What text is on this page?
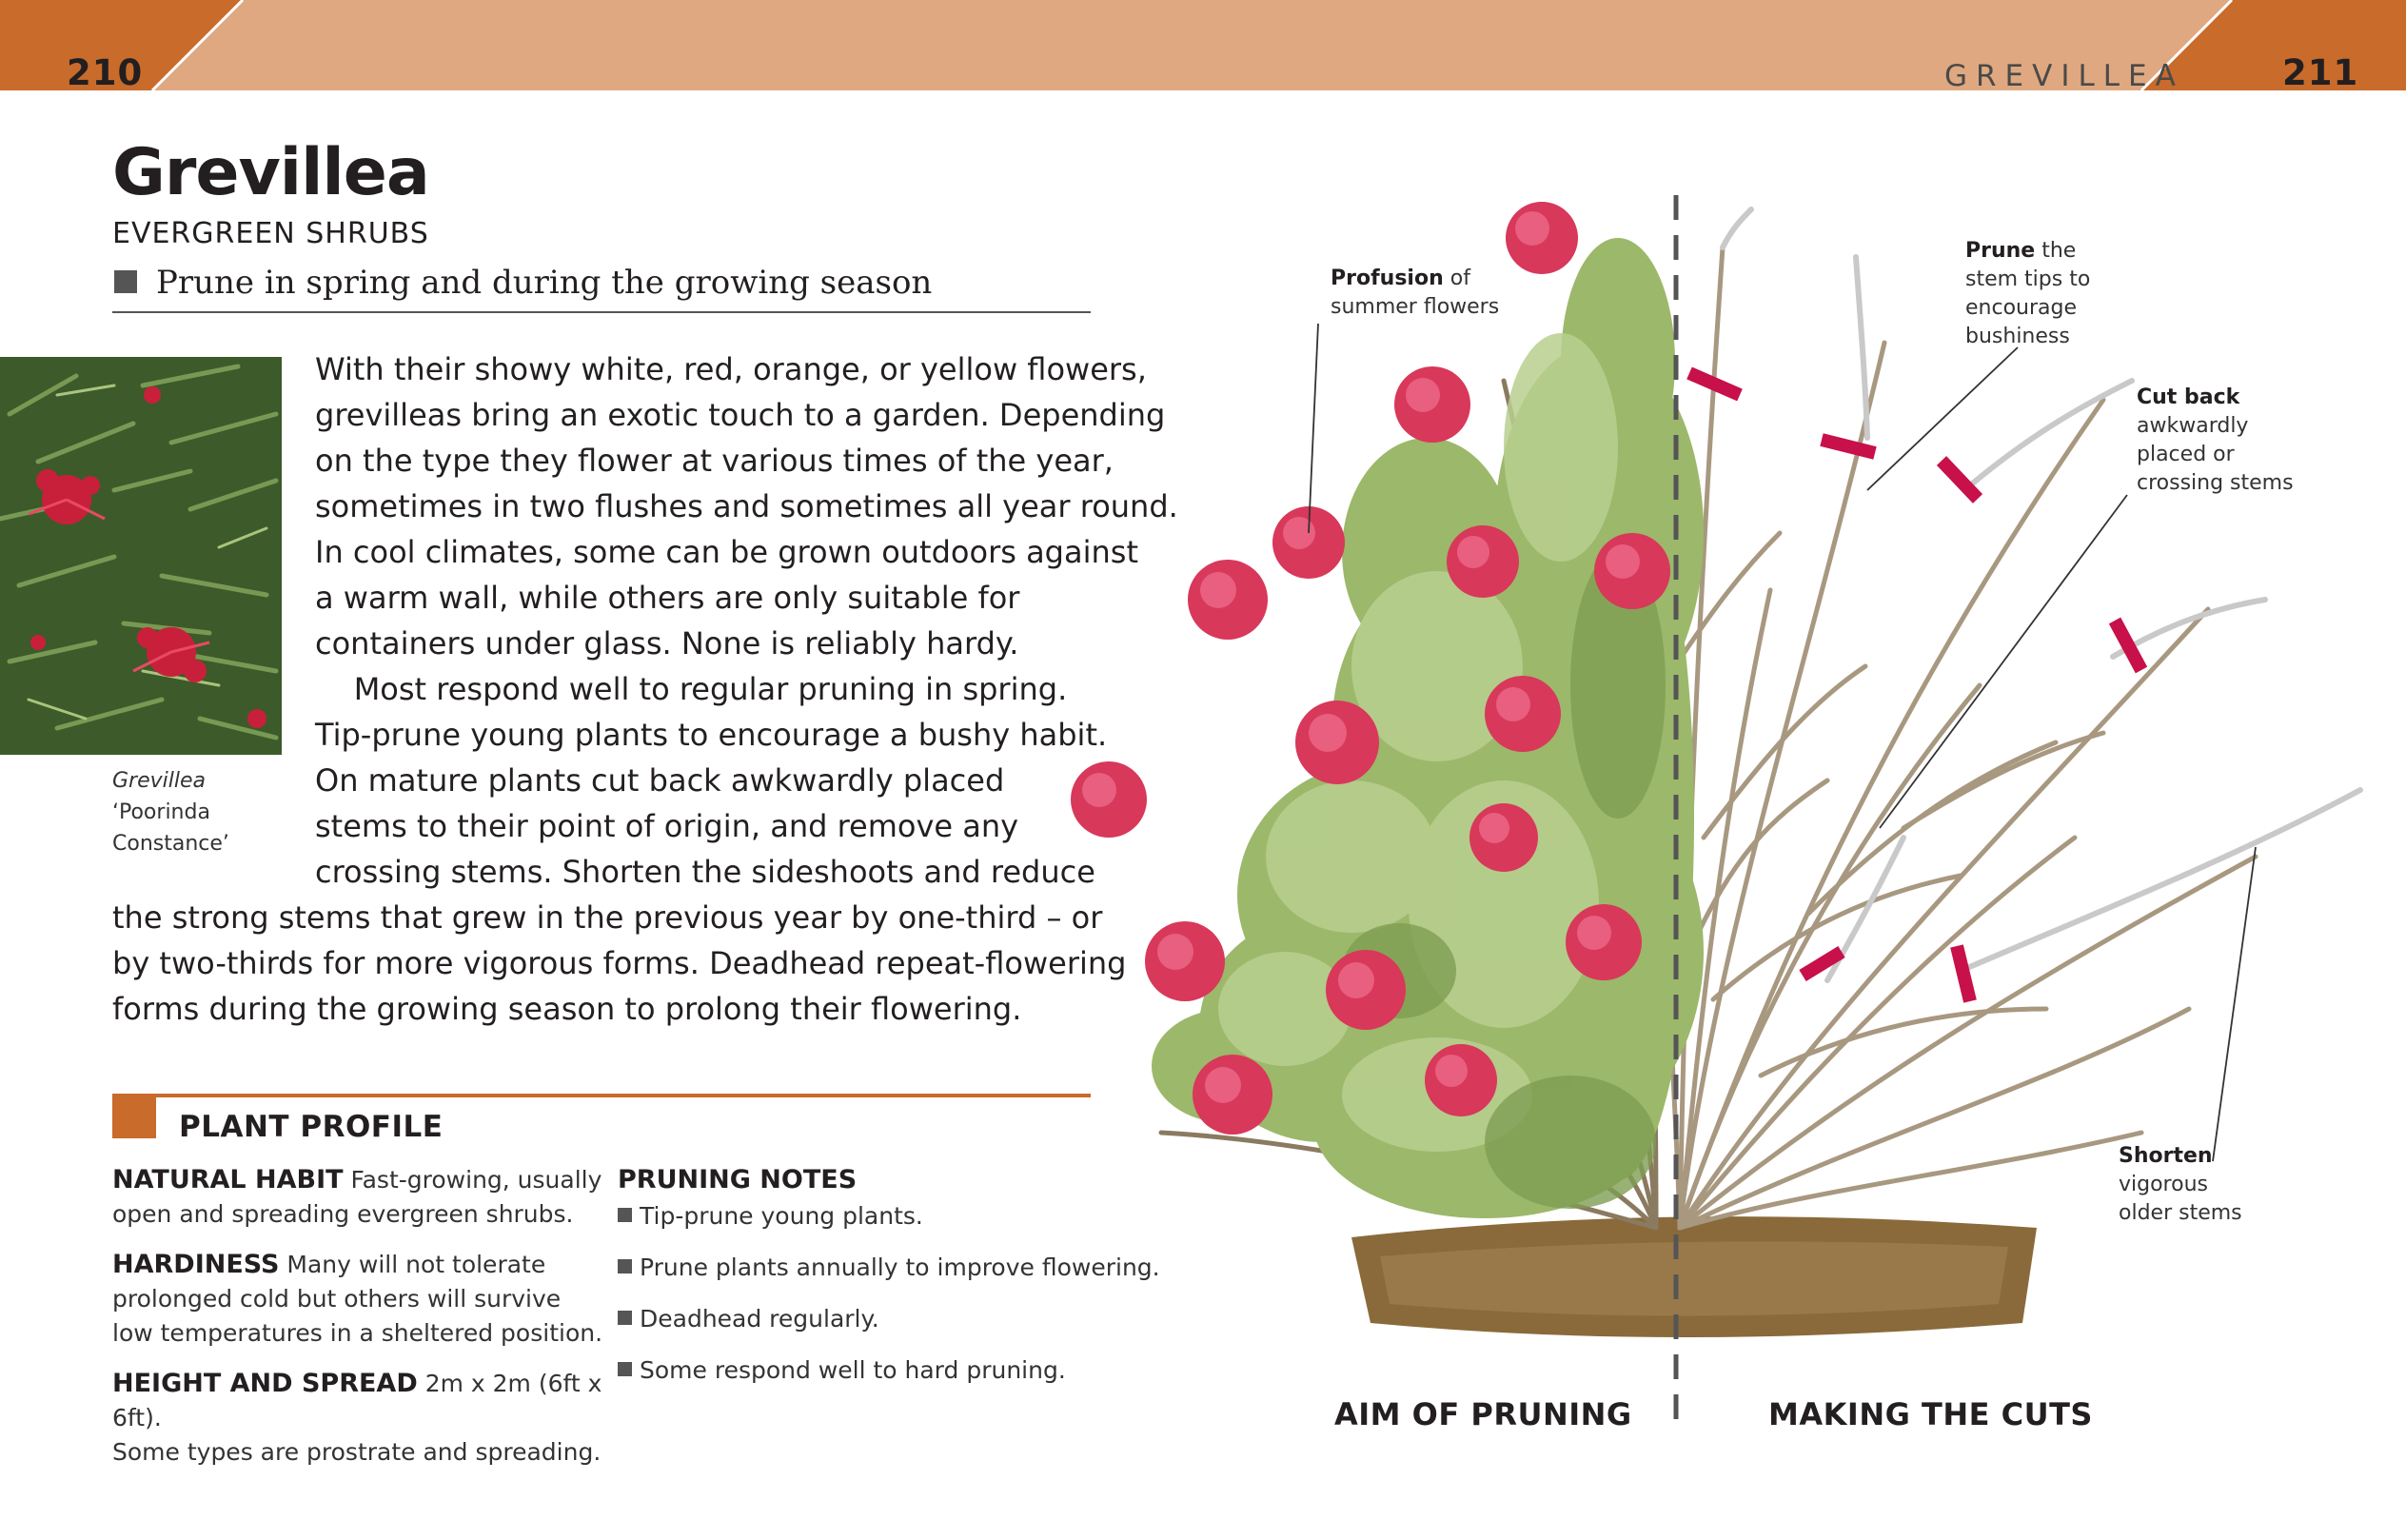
210	211
GREVILLEA
Grevillea
EVERGREEN SHRUBS
Prune in spring and during the growing season
Grevillea
‘Poorinda
Constance’
With their showy white, red, orange, or yellow flowers,
grevilleas bring an exotic touch to a garden. Depending
on the type they flower at various times of the year,
sometimes in two flushes and sometimes all year round.
In cool climates, some can be grown outdoors against
a warm wall, while others are only suitable for
containers under glass. None is reliably hardy.
Most respond well to regular pruning in spring.
Tip-prune young plants to encourage a bushy habit.
On mature plants cut back awkwardly placed
stems to their point of origin, and remove any
crossing stems. Shorten the sideshoots and reduce
the strong stems that grew in the previous year by one-third – or
by two-thirds for more vigorous forms. Deadhead repeat-flowering
forms during the growing season to prolong their flowering.
PLANT PROFILE

NATURAL HABIT Fast-growing, usually
open and spreading evergreen shrubs.

HARDINESS Many will not tolerate
prolonged cold but others will survive
low temperatures in a sheltered position.

HEIGHT AND SPREAD 2m x 2m (6ft x 6ft).
Some types are prostrate and spreading.

PRUNING NOTES
Tip-prune young plants.
Prune plants annually to improve flowering.
Deadhead regularly.
Some respond well to hard pruning.
Profusion of
summer flowers
Prune the
stem tips to
encourage
bushiness
Cut back
awkwardly
placed or
crossing stems
Shorten
vigorous
older stems
AIM OF PRUNING	MAKING THE CUTS
